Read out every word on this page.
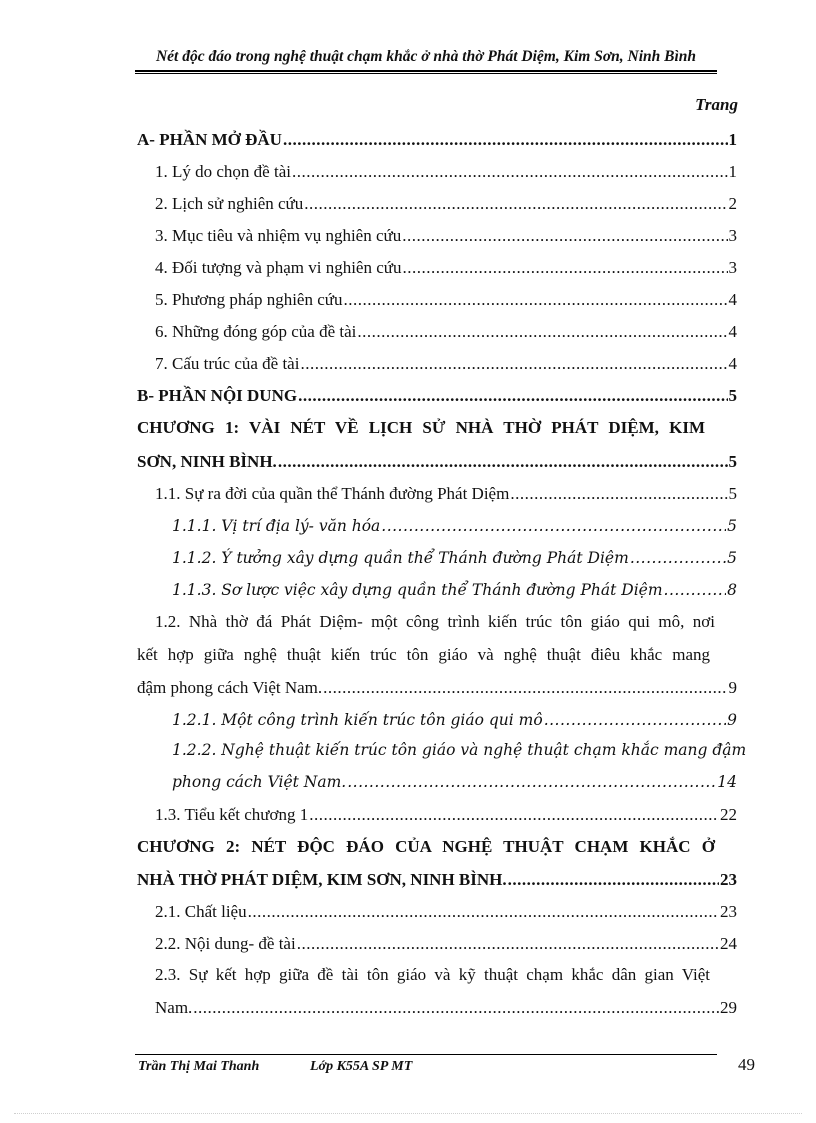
Nét độc đáo trong nghệ thuật chạm khắc ở nhà thờ Phát Diệm, Kim Sơn, Ninh Bình
Trang
A- PHẦN MỞ ĐẦU .....	1
1. Lý do chọn đề tài .....	1
2. Lịch sử nghiên cứu .....	2
3. Mục tiêu và nhiệm vụ nghiên cứu .....	3
4. Đối tượng và phạm vi nghiên cứu .....	3
5. Phương pháp nghiên cứu .....	4
6. Những đóng góp của đề tài .....	4
7. Cấu trúc của đề tài .....	4
B- PHẦN NỘI DUNG .....	5
CHƯƠNG 1: VÀI NÉT VỀ LỊCH SỬ NHÀ THỜ PHÁT DIỆM, KIM
SƠN, NINH BÌNH. .....	5
1.1. Sự ra đời của quần thể Thánh đường Phát Diệm .....	5
1.1.1. Vị trí địa lý- văn hóa .....	5
1.1.2. Ý tưởng xây dựng quần thể Thánh đường Phát Diệm .....	5
1.1.3. Sơ lược việc xây dựng quần thể Thánh đường Phát Diệm .....	8
1.2. Nhà thờ đá Phát Diệm- một công trình kiến trúc tôn giáo qui mô, nơi
kết hợp giữa nghệ thuật kiến trúc tôn giáo và nghệ thuật điêu khắc mang
đậm phong cách Việt Nam. .....	9
1.2.1. Một công trình kiến trúc tôn giáo qui mô .....	9
1.2.2. Nghệ thuật kiến trúc tôn giáo và nghệ thuật chạm khắc mang đậm
phong cách Việt Nam. .....	14
1.3. Tiểu kết chương 1 .....	22
CHƯƠNG 2: NÉT ĐỘC ĐÁO CỦA NGHỆ THUẬT CHẠM KHẮC Ở
NHÀ THỜ PHÁT DIỆM, KIM SƠN, NINH BÌNH. .....	23
2.1. Chất liệu .....	23
2.2. Nội dung- đề tài .....	24
2.3. Sự kết hợp giữa đề tài tôn giáo và kỹ thuật chạm khắc dân gian Việt
Nam. .....	29
Trần Thị Mai Thanh	Lớp K55A SP MT	49
